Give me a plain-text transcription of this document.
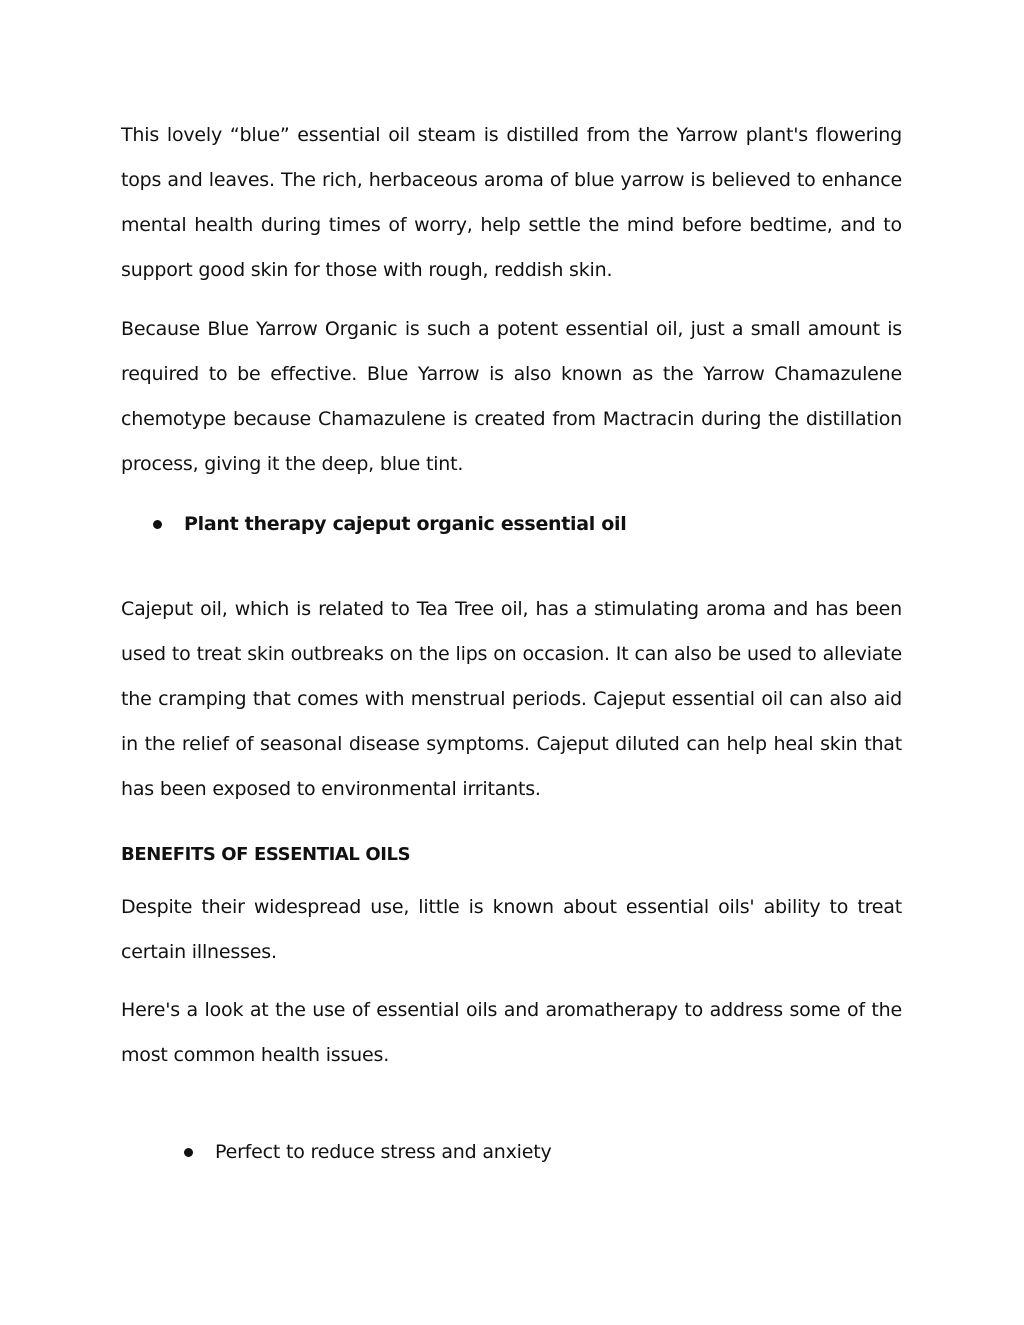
This lovely “blue” essential oil steam is distilled from the Yarrow plant's flowering tops and leaves. The rich, herbaceous aroma of blue yarrow is believed to enhance mental health during times of worry, help settle the mind before bedtime, and to support good skin for those with rough, reddish skin.

Because Blue Yarrow Organic is such a potent essential oil, just a small amount is required to be effective. Blue Yarrow is also known as the Yarrow Chamazulene chemotype because Chamazulene is created from Mactracin during the distillation process, giving it the deep, blue tint.

Plant therapy cajeput organic essential oil

Cajeput oil, which is related to Tea Tree oil, has a stimulating aroma and has been used to treat skin outbreaks on the lips on occasion. It can also be used to alleviate the cramping that comes with menstrual periods. Cajeput essential oil can also aid in the relief of seasonal disease symptoms. Cajeput diluted can help heal skin that has been exposed to environmental irritants.

BENEFITS OF ESSENTIAL OILS

Despite their widespread use, little is known about essential oils' ability to treat certain illnesses.

Here's a look at the use of essential oils and aromatherapy to address some of the most common health issues.

Perfect to reduce stress and anxiety
